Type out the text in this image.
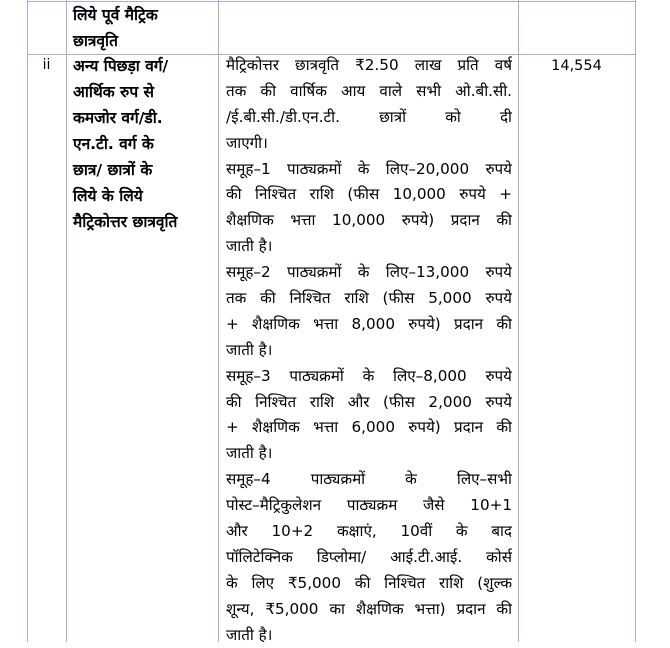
लिये पूर्व मैट्रिक
छात्रवृति
ii	अन्य पिछड़ा वर्ग/
आर्थिक रुप से
कमजोर वर्ग/डी.
एन.टी. वर्ग के
छात्र/ छात्रों के
लिये के लिये
मैट्रिकोत्तर छात्रवृति
मैट्रिकोत्तर छात्रवृति ₹2.50 लाख प्रति वर्ष
तक की वार्षिक आय वाले सभी ओ.बी.सी.
/ई.बी.सी./डी.एन.टी. छात्रों को दी
जाएगी।
समूह–1 पाठ्यक्रमों के लिए–20,000 रुपये
की निश्चित राशि (फीस 10,000 रुपये +
शैक्षणिक भत्ता 10,000 रुपये) प्रदान की
जाती है।
समूह–2 पाठ्यक्रमों के लिए–13,000 रुपये
तक की निश्चित राशि (फीस 5,000 रुपये
+ शैक्षणिक भत्ता 8,000 रुपये) प्रदान की
जाती है।
समूह–3 पाठ्यक्रमों के लिए–8,000 रुपये
की निश्चित राशि और (फीस 2,000 रुपये
+ शैक्षणिक भत्ता 6,000 रुपये) प्रदान की
जाती है।
समूह–4 पाठ्यक्रमों के लिए–सभी
पोस्ट–मैट्रिकुलेशन पाठ्यक्रम जैसे 10+1
और 10+2 कक्षाएं, 10वीं के बाद
पॉलिटेक्निक डिप्लोमा/ आई.टी.आई. कोर्स
के लिए ₹5,000 की निश्चित राशि (शुल्क
शून्य, ₹5,000 का शैक्षणिक भत्ता) प्रदान की
जाती है।
14,554
